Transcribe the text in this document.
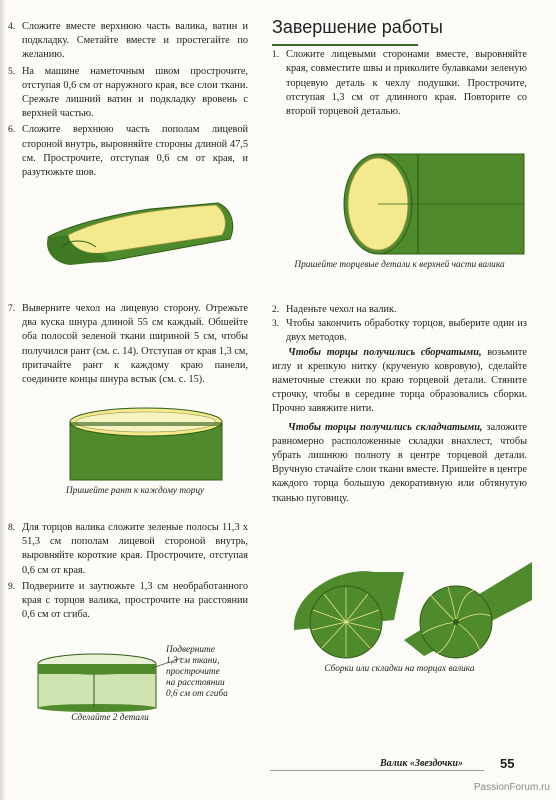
4. Сложите вместе верхнюю часть валика, ватин и подкладку. Сметайте вместе и простегайте по желанию.
5. На машине наметочным швом прострочите, отступая 0,6 см от наружного края, все слои ткани. Срежьте лишний ватин и подкладку вровень с верхней частью.
6. Сложите верхнюю часть пополам лицевой стороной внутрь, выровняйте стороны длиной 47,5 см. Прострочите, отступая 0,6 см от края, и разутюжьте шов.
7. Выверните чехол на лицевую сторону. Отрежьте два куска шнура длиной 55 см каждый. Обшейте оба полосой зеленой ткани шириной 5 см, чтобы получился рант (см. с. 14). Отступая от края 1,3 см, притачайте рант к каждому краю панели, соедините концы шнура встык (см. с. 15).
Пришейте рант к каждому торцу
8. Для торцов валика сложите зеленые полосы 11,3 х 51,3 см пополам лицевой стороной внутрь, выровняйте короткие края. Прострочите, отступая 0,6 см от края.
9. Подверните и заутюжьте 1,3 см необработанного края с торцов валика, прострочите на расстоянии 0,6 см от сгиба.
Подверните
1,3 см ткани,
прострочите
на расстоянии
0,6 см от сгиба
Сделайте 2 детали
Завершение работы
1. Сложите лицевыми сторонами вместе, выровняйте края, совместите швы и приколите булавками зеленую торцевую деталь к чехлу подушки. Прострочите, отступая 1,3 см от длинного края. Повторите со второй торцевой деталью.
Пришейте торцевые детали к верхней части валика
2. Наденьте чехол на валик.
3. Чтобы закончить обработку торцов, выберите один из двух методов.

Чтобы торцы получились сборчатыми, возьмите иглу и крепкую нитку (крученую ковровую), сделайте наметочные стежки по краю торцевой детали. Стяните строчку, чтобы в середине торца образовались сборки. Прочно завяжите нити.

Чтобы торцы получились складчатыми, заложите равномерно расположенные складки внахлест, чтобы убрать лишнюю полноту в центре торцевой детали. Вручную стачайте слои ткани вместе. Пришейте в центре каждого торца большую декоративную или обтянутую тканью пуговицу.

Сборки или складки на торцах валика
Валик «Звездочки»	55
PassionForum.ru
